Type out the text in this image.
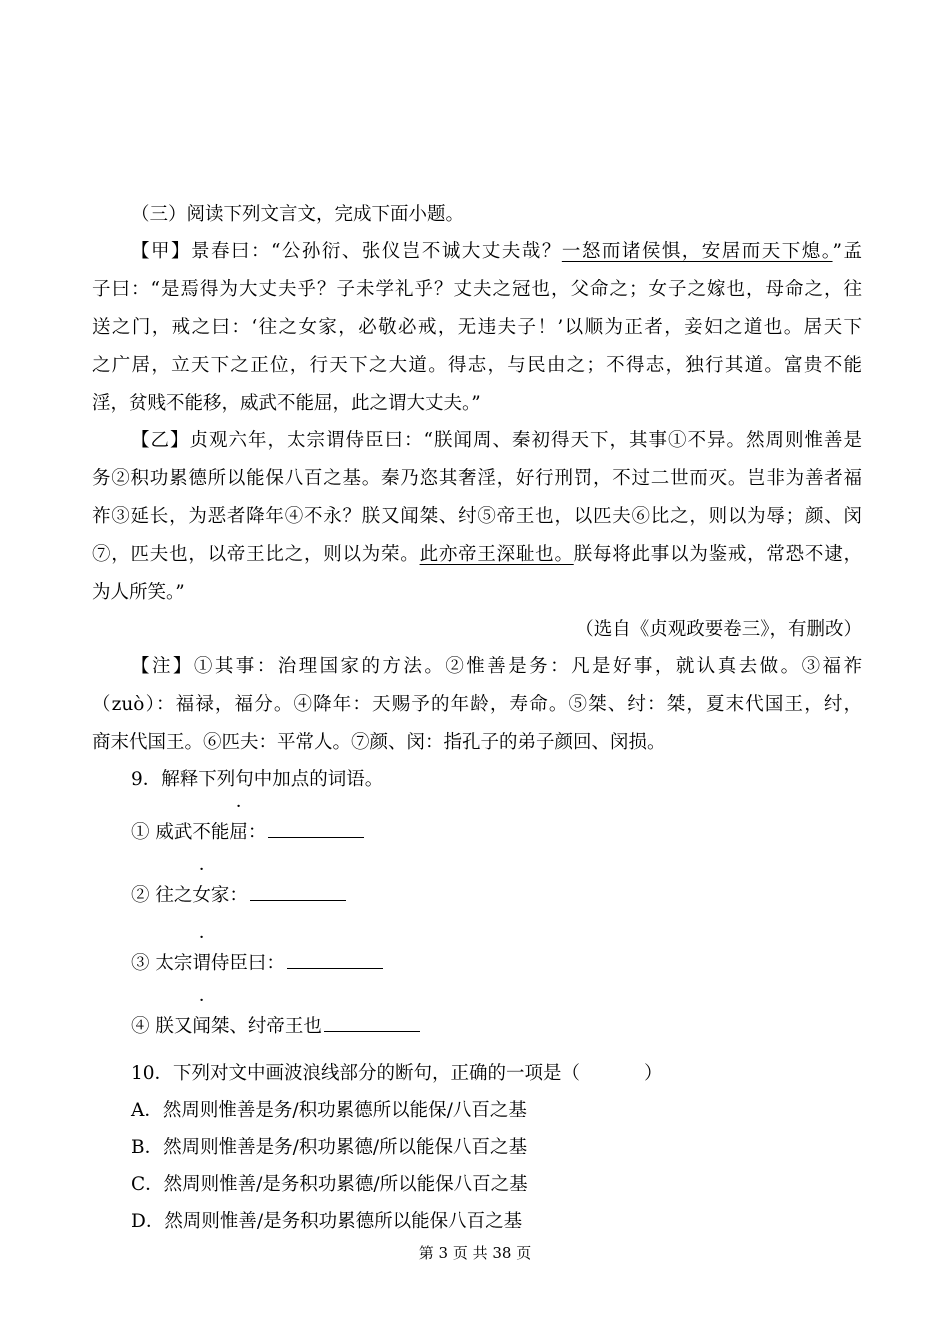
（三）阅读下列文言文，完成下面小题。
【甲】景春曰：“公孙衍、张仪岂不诚大丈夫哉？一怒而诸侯惧，安居而天下熄。”孟
子曰：“是焉得为大丈夫乎？子未学礼乎？丈夫之冠也，父命之；女子之嫁也，母命之，往
送之门，戒之曰：‘往之女家，必敬必戒，无违夫子！’以顺为正者，妾妇之道也。居天下
之广居，立天下之正位，行天下之大道。得志，与民由之；不得志，独行其道。富贵不能
淫，贫贱不能移，威武不能屈，此之谓大丈夫。”
【乙】贞观六年，太宗谓侍臣曰：“朕闻周、秦初得天下，其事①不异。然周则惟善是
务②积功累德所以能保八百之基。秦乃恣其奢淫，好行刑罚，不过二世而灭。岂非为善者福
祚③延长，为恶者降年④不永？朕又闻桀、纣⑤帝王也，以匹夫⑥比之，则以为辱；颜、闵
⑦，匹夫也，以帝王比之，则以为荣。此亦帝王深耻也。朕每将此事以为鉴戒，常恐不逮，
为人所笑。”
（选自《贞观政要卷三》，有删改）
【注】①其事：治理国家的方法。②惟善是务：凡是好事，就认真去做。③福祚
（zuò）：福禄，福分。④降年：天赐予的年龄，寿命。⑤桀、纣：桀，夏末代国王，纣，
商末代国王。⑥匹夫：平常人。⑦颜、闵：指孔子的弟子颜回、闵损。
9．解释下列句中加点的词语。
① 威武不能屈：
② 往之女家：
③ 太宗谓侍臣曰：
④ 朕又闻桀、纣帝王也
10．下列对文中画波浪线部分的断句，正确的一项是（	）
A．然周则惟善是务/积功累德所以能保/八百之基
B．然周则惟善是务/积功累德/所以能保八百之基
C．然周则惟善/是务积功累德/所以能保八百之基
D．然周则惟善/是务积功累德所以能保八百之基
第 3 页 共 38 页
